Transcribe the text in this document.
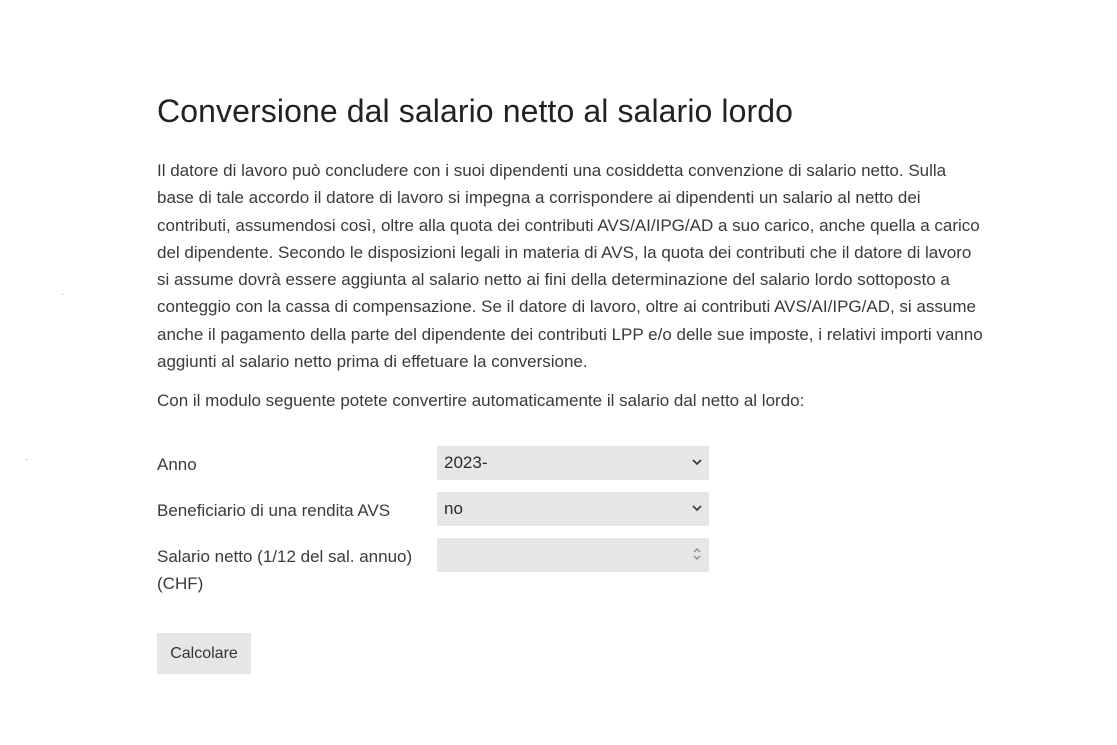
Conversione dal salario netto al salario lordo

Il datore di lavoro può concludere con i suoi dipendenti una cosiddetta convenzione di salario netto. Sulla base di tale accordo il datore di lavoro si impegna a corrispondere ai dipendenti un salario al netto dei contributi, assumendosi così, oltre alla quota dei contributi AVS/AI/IPG/AD a suo carico, anche quella a carico del dipendente. Secondo le disposizioni legali in materia di AVS, la quota dei contributi che il datore di lavoro si assume dovrà essere aggiunta al salario netto ai fini della determinazione del salario lordo sottoposto a conteggio con la cassa di compensazione. Se il datore di lavoro, oltre ai contributi AVS/AI/IPG/AD, si assume anche il pagamento della parte del dipendente dei contributi LPP e/o delle sue imposte, i relativi importi vanno aggiunti al salario netto prima di effetuare la conversione.

Con il modulo seguente potete convertire automaticamente il salario dal netto al lordo:

Anno	2023-
Beneficiario di una rendita AVS	no
Salario netto (1/12 del sal. annuo) (CHF)
Calcolare
